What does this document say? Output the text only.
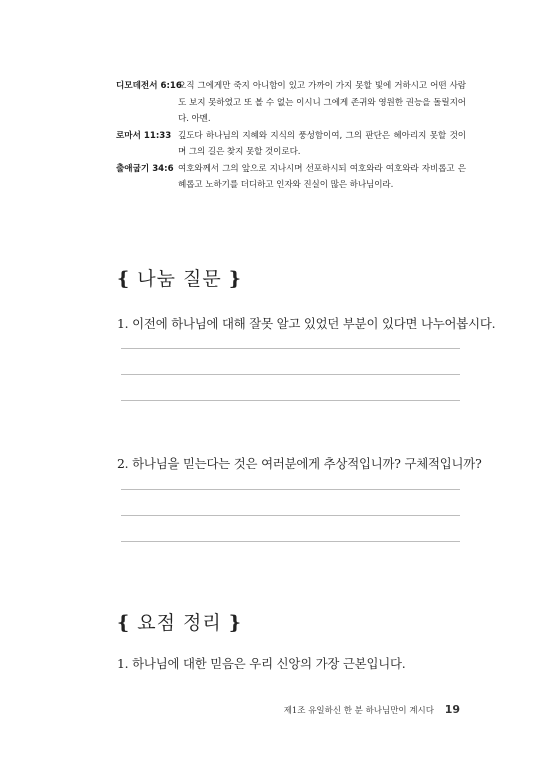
디모데전서 6:16
오직 그에게만 죽지 아니함이 있고 가까이 가지 못할 빛에 거하시고 어떤 사람도 보지 못하였고 또 볼 수 없는 이시니 그에게 존귀와 영원한 권능을 돌릴지어다. 아멘.
로마서 11:33 깊도다 하나님의 지혜와 지식의 풍성함이여, 그의 판단은 헤아리지 못할 것이며 그의 길은 찾지 못할 것이로다.
출애굽기 34:6 여호와께서 그의 앞으로 지나시며 선포하시되 여호와라 여호와라 자비롭고 은혜롭고 노하기를 더디하고 인자와 진실이 많은 하나님이라.
{ 나눔 질문 }
1. 이전에 하나님에 대해 잘못 알고 있었던 부분이 있다면 나누어봅시다.
2. 하나님을 믿는다는 것은 여러분에게 추상적입니까? 구체적입니까?
{ 요점 정리 }
1. 하나님에 대한 믿음은 우리 신앙의 가장 근본입니다.
제1조 유일하신 한 분 하나님만이 계시다 19
